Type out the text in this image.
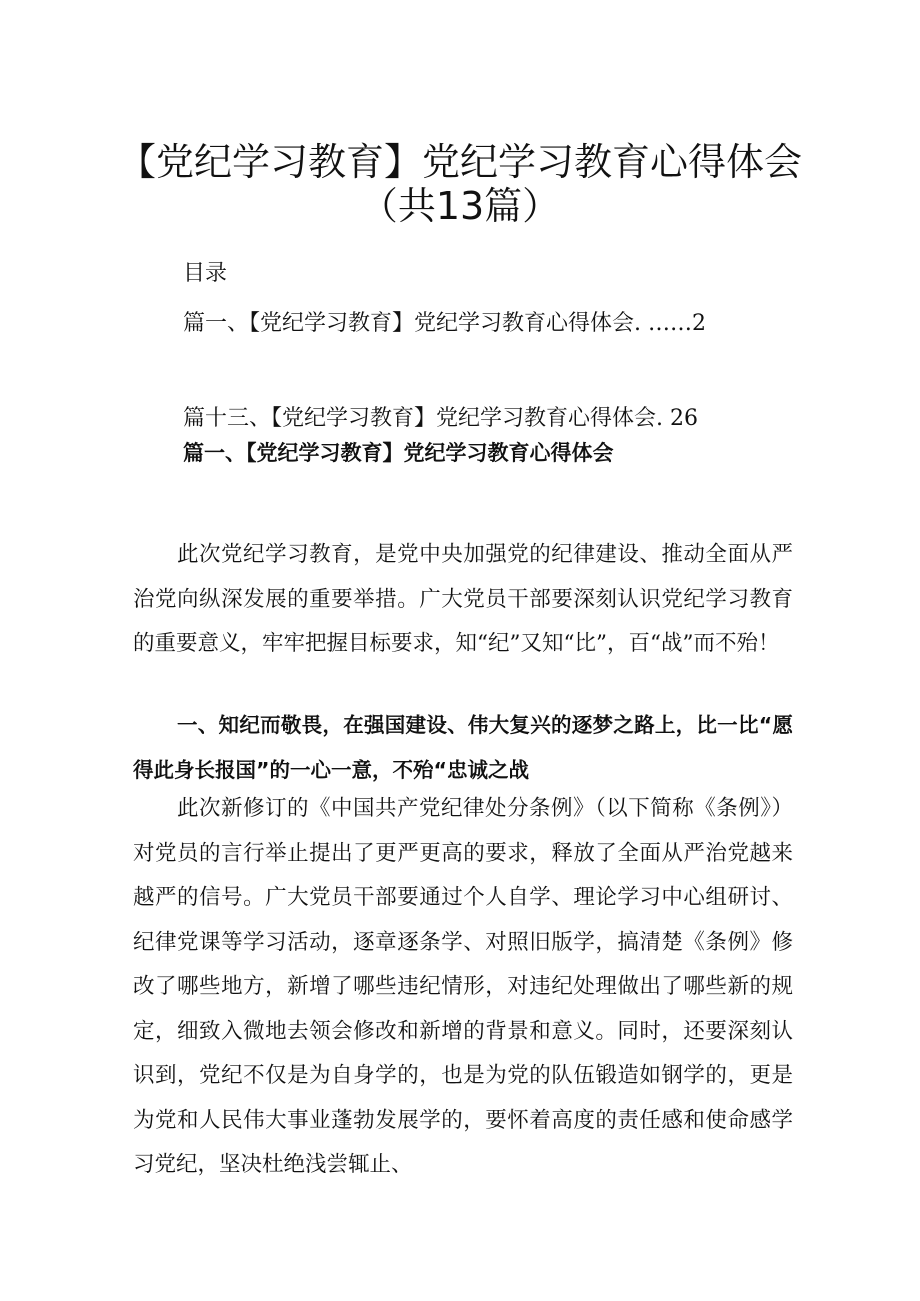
【党纪学习教育】党纪学习教育心得体会
（共13篇）
目录
篇一、【党纪学习教育】党纪学习教育心得体会. ……2
篇十三、【党纪学习教育】党纪学习教育心得体会. 26
篇一、【党纪学习教育】党纪学习教育心得体会

此次党纪学习教育，是党中央加强党的纪律建设、推动全面从严治党向纵深发展的重要举措。广大党员干部要深刻认识党纪学习教育的重要意义，牢牢把握目标要求，知“纪”又知“比”，百“战”而不殆！

一、知纪而敬畏，在强国建设、伟大复兴的逐梦之路上，比一比“愿得此身长报国”的一心一意，不殆“忠诚之战

此次新修订的《中国共产党纪律处分条例》（以下简称《条例》）对党员的言行举止提出了更严更高的要求，释放了全面从严治党越来越严的信号。广大党员干部要通过个人自学、理论学习中心组研讨、纪律党课等学习活动，逐章逐条学、对照旧版学，搞清楚《条例》修改了哪些地方，新增了哪些违纪情形，对违纪处理做出了哪些新的规定，细致入微地去领会修改和新增的背景和意义。同时，还要深刻认识到，党纪不仅是为自身学的，也是为党的队伍锻造如钢学的，更是为党和人民伟大事业蓬勃发展学的，要怀着高度的责任感和使命感学习党纪，坚决杜绝浅尝辄止、
